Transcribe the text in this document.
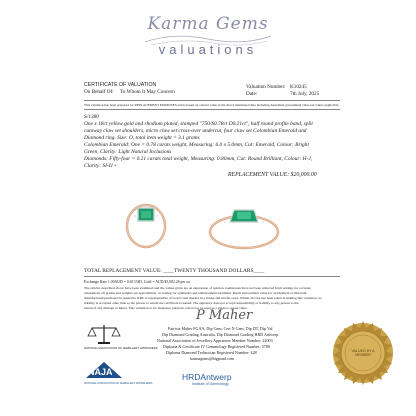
Karma Gems
valuations
CERTIFICATE OF VALUATION
On Behalf Of: To Whom It May Concern
Valuation Number: K10245
Date:	7th July, 2025
This valuation has been prepared for REPLACEMENT PURPOSES and is based on current value at the above mentioned date including Australian government value tax where applicable
S/1380
One x 18ct yellow gold and rhodium plated, stamped "750/S0.78ct D0.21ct", half round profile band, split
cutaway claw set shoulders, micro claw set cross-over undercut, four claw set Colombian Emerald and
Diamond ring. Size: O, total item weight = 3.1 grams
Colombian Emerald: One = 0.78 carats weight, Measuring: 6.0 x 5.0mm, Cut: Emerald, Colour: Bright
Green, Clarity: Light Natural Inclusions
Diamonds: Fifty-four = 0.21 carats total weight, Measuring: 0.80mm, Cut: Round Brilliant, Colour: H-J,
Clarity: SI-I1+
REPLACEMENT VALUE: $20,000.00
TOTAL REPLACEMENT VALUE: ____TWENTY THOUSAND DOLLARS____
Exchange Rate 1.00AUD = 0.65 USD, Gold = AUD $5,082.26 per oz
The articles described above have been examined and the values given are an expression of opinion. Gemstones have not been removed from settings for accurate
assessment; all grades and weights are approximate; no testing for synthetics and enhancement treatment. Retail replacement value for an identical or like item
manufactured/purchased in Australia. RRV is representative of Gold Coast market in a bricks and mortar store. Whilst all care has been taken in making this valuation, no
liability is accepted other than to the person to whom the certificate is issued. The signatory does not accept responsibility or liability to any person to the
extent of any damage or injury. This valuation is for insurance purposes and not to be used as a guide to resale value.
P Maher
Patricia Maher FGAA, Dip Gem, Cert N Gem, Dip DT, Dip Val
Dip Diamond Grading Australia, Dip Diamond Grading HRD Antwerp
National Association of Jewellery Appraisers Member Number: 22003
Diploma & Certificate IV Gemmology Registered Number: 5780
Diploma Diamond Technician Registered Number: 428
karmagems@bigpond.com
NATIONAL ASSOCIATION OF JEWELLERY APPRAISERS
NAJA
NATIONAL ASSOCIATION OF JEWELLERY APPRAISERS
HRDAntwerp
Institute of Gemmology
VALUED BY A MEMBER
